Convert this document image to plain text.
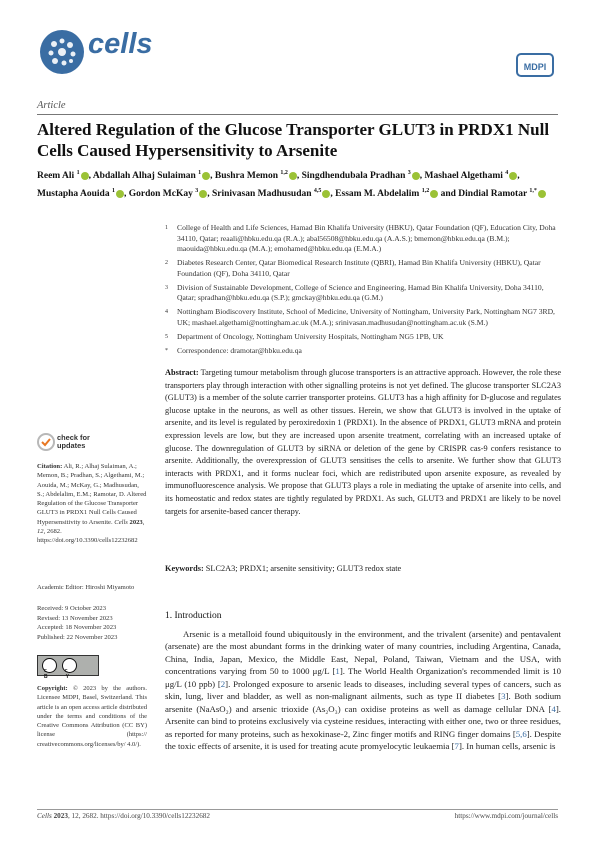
cells
MDPI
Article
Altered Regulation of the Glucose Transporter GLUT3 in PRDX1 Null Cells Caused Hypersensitivity to Arsenite
Reem Ali $^1$ , Abdallah Alhaj Sulaiman $^1$ , Bushra Memon $^{1,2}$ , Singdhendubala Pradhan $^3$ , Mashael Algethami $^4$ , Mustapha Aouida $^1$ , Gordon McKay $^3$ , Srinivasan Madhusudan $^{4,5}$ , Essam M. Abdelalim $^{1,2}$ and Dindial Ramotar $^{1,*}$
1	College of Health and Life Sciences, Hamad Bin Khalifa University (HBKU), Qatar Foundation (QF), Education City, Doha 34110, Qatar; reaali@hbku.edu.qa (R.A.); abal56508@hbku.edu.qa (A.A.S.); bmemon@hbku.edu.qa (B.M.); maouida@hbku.edu.qa (M.A.); emohamed@hbku.edu.qa (E.M.A.)
2	Diabetes Research Center, Qatar Biomedical Research Institute (QBRI), Hamad Bin Khalifa University (HBKU), Qatar Foundation (QF), Doha 34110, Qatar
3	Division of Sustainable Development, College of Science and Engineering, Hamad Bin Khalifa University, Doha 34110, Qatar; spradhan@hbku.edu.qa (S.P.); gmckay@hbku.edu.qa (G.M.)
4	Nottingham Biodiscovery Institute, School of Medicine, University of Nottingham, University Park, Nottingham NG7 3RD, UK; mashael.algethami@nottingham.ac.uk (M.A.); srinivasan.madhusudan@nottingham.ac.uk (S.M.)
5	Department of Oncology, Nottingham University Hospitals, Nottingham NG5 1PB, UK
*	Correspondence: dramotar@hbku.edu.qa
Abstract: Targeting tumour metabolism through glucose transporters is an attractive approach. However, the role these transporters play through interaction with other signalling proteins is not yet defined. The glucose transporter SLC2A3 (GLUT3) is a member of the solute carrier transporter proteins. GLUT3 has a high affinity for D-glucose and regulates glucose uptake in the neurons, as well as other tissues. Herein, we show that GLUT3 is involved in the uptake of arsenite, and its level is regulated by peroxiredoxin 1 (PRDX1). In the absence of PRDX1, GLUT3 mRNA and protein expression levels are low, but they are increased upon arsenite treatment, correlating with an increased uptake of glucose. The downregulation of GLUT3 by siRNA or deletion of the gene by CRISPR cas-9 confers resistance to arsenite. Additionally, the overexpression of GLUT3 sensitises the cells to arsenite. We further show that GLUT3 interacts with PRDX1, and it forms nuclear foci, which are redistributed upon arsenite exposure, as revealed by immunofluorescence analysis. We propose that GLUT3 plays a role in mediating the uptake of arsenite into cells, and its homeostatic and redox states are tightly regulated by PRDX1. As such, GLUT3 and PRDX1 are likely to be novel targets for arsenite-based cancer therapy.
Keywords: SLC2A3; PRDX1; arsenite sensitivity; GLUT3 redox state
check for
updates
Citation: Ali, R.; Alhaj Sulaiman, A.; Memon, B.; Pradhan, S.; Algethami, M.; Aouida, M.; McKay, G.; Madhusudan, S.; Abdelalim, E.M.; Ramotar, D. Altered Regulation of the Glucose Transporter GLUT3 in PRDX1 Null Cells Caused Hypersensitivity to Arsenite. Cells 2023, 12, 2682. https://doi.org/10.3390/cells12232682
Academic Editor: Hiroshi Miyamoto
Received: 9 October 2023
Revised: 13 November 2023
Accepted: 18 November 2023
Published: 22 November 2023
cc BY
Copyright: © 2023 by the authors. Licensee MDPI, Basel, Switzerland. This article is an open access article distributed under the terms and conditions of the Creative Commons Attribution (CC BY) license (https:// creativecommons.org/licenses/by/ 4.0/).
1. Introduction
Arsenic is a metalloid found ubiquitously in the environment, and the trivalent (arsenite) and pentavalent (arsenate) are the most abundant forms in the drinking water of many countries, including Argentina, Canada, China, India, Japan, Mexico, the Middle East, Nepal, Poland, Taiwan, Vietnam and the USA, with concentrations varying from 50 to 1000 μg/L [1]. The World Health Organization's recommended limit is 10 μg/L (10 ppb) [2]. Prolonged exposure to arsenic leads to diseases, including several types of cancers, such as skin, lung, liver and bladder, as well as non-malignant ailments, such as type II diabetes [3]. Both sodium arsenite (NaAsO₂) and arsenic trioxide (As₂O₃) can oxidise proteins as well as damage cellular DNA [4]. Arsenite can bind to proteins exclusively via cysteine residues, interacting with either one, two or three residues, as reported for many proteins, such as hexokinase-2, Zinc finger motifs and RING finger domains [5,6]. Despite the toxic effects of arsenite, it is used for treating acute promyelocytic leukaemia [7]. In human cells, arsenic is
Cells 2023, 12, 2682. https://doi.org/10.3390/cells12232682	https://www.mdpi.com/journal/cells
